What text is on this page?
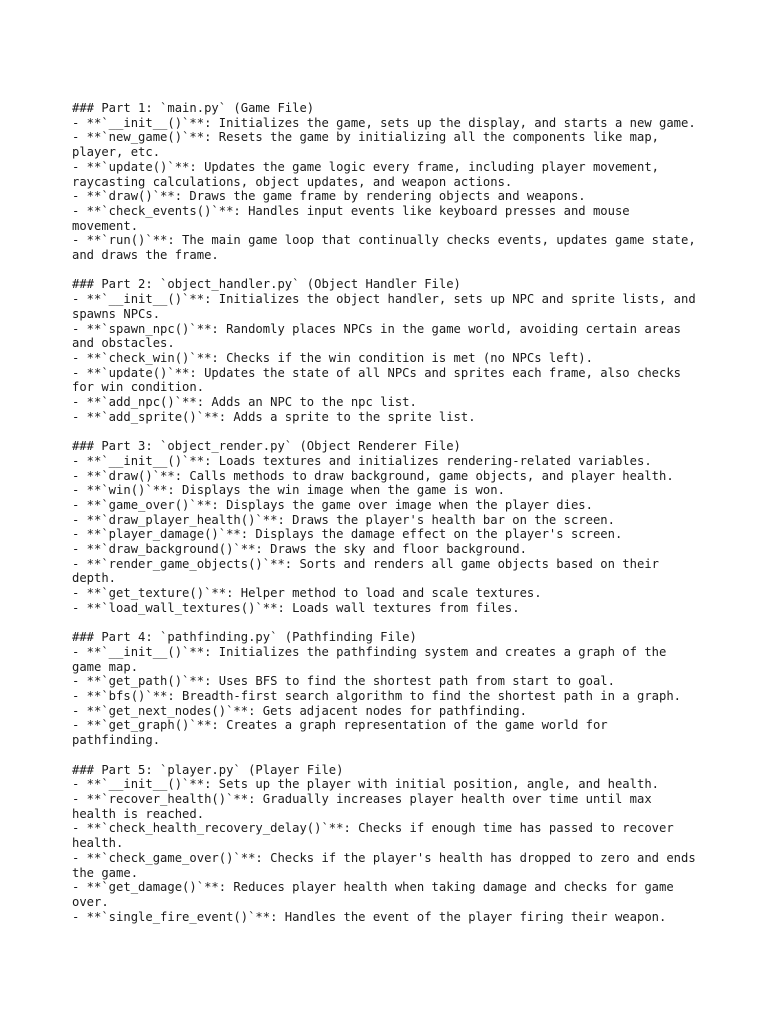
### Part 1: `main.py` (Game File)
- **`__init__()`**: Initializes the game, sets up the display, and starts a new game.
- **`new_game()`**: Resets the game by initializing all the components like map, player, etc.
- **`update()`**: Updates the game logic every frame, including player movement, raycasting calculations, object updates, and weapon actions.
- **`draw()`**: Draws the game frame by rendering objects and weapons.
- **`check_events()`**: Handles input events like keyboard presses and mouse movement.
- **`run()`**: The main game loop that continually checks events, updates game state, and draws the frame.
### Part 2: `object_handler.py` (Object Handler File)
- **`__init__()`**: Initializes the object handler, sets up NPC and sprite lists, and spawns NPCs.
- **`spawn_npc()`**: Randomly places NPCs in the game world, avoiding certain areas and obstacles.
- **`check_win()`**: Checks if the win condition is met (no NPCs left).
- **`update()`**: Updates the state of all NPCs and sprites each frame, also checks for win condition.
- **`add_npc()`**: Adds an NPC to the npc list.
- **`add_sprite()`**: Adds a sprite to the sprite list.
### Part 3: `object_render.py` (Object Renderer File)
- **`__init__()`**: Loads textures and initializes rendering-related variables.
- **`draw()`**: Calls methods to draw background, game objects, and player health.
- **`win()`**: Displays the win image when the game is won.
- **`game_over()`**: Displays the game over image when the player dies.
- **`draw_player_health()`**: Draws the player's health bar on the screen.
- **`player_damage()`**: Displays the damage effect on the player's screen.
- **`draw_background()`**: Draws the sky and floor background.
- **`render_game_objects()`**: Sorts and renders all game objects based on their depth.
- **`get_texture()`**: Helper method to load and scale textures.
- **`load_wall_textures()`**: Loads wall textures from files.
### Part 4: `pathfinding.py` (Pathfinding File)
- **`__init__()`**: Initializes the pathfinding system and creates a graph of the game map.
- **`get_path()`**: Uses BFS to find the shortest path from start to goal.
- **`bfs()`**: Breadth-first search algorithm to find the shortest path in a graph.
- **`get_next_nodes()`**: Gets adjacent nodes for pathfinding.
- **`get_graph()`**: Creates a graph representation of the game world for pathfinding.
### Part 5: `player.py` (Player File)
- **`__init__()`**: Sets up the player with initial position, angle, and health.
- **`recover_health()`**: Gradually increases player health over time until max health is reached.
- **`check_health_recovery_delay()`**: Checks if enough time has passed to recover health.
- **`check_game_over()`**: Checks if the player's health has dropped to zero and ends the game.
- **`get_damage()`**: Reduces player health when taking damage and checks for game over.
- **`single_fire_event()`**: Handles the event of the player firing their weapon.
